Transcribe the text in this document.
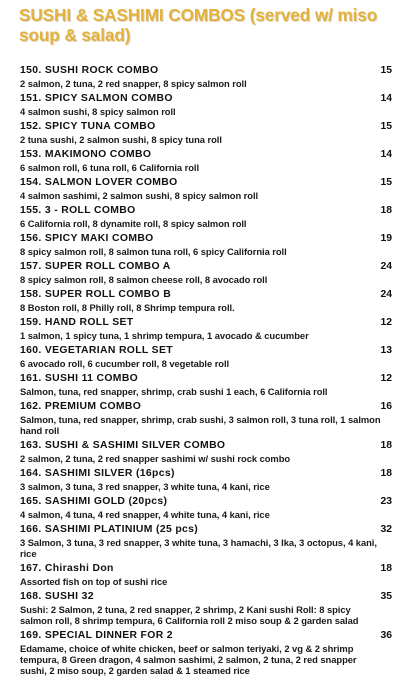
SUSHI & SASHIMI COMBOS (served w/ miso soup & salad)
150. SUSHI ROCK COMBO	15
2 salmon, 2 tuna, 2 red snapper, 8 spicy salmon roll
151. SPICY SALMON COMBO	14
4 salmon sushi, 8 spicy salmon roll
152. SPICY TUNA COMBO	15
2 tuna sushi, 2 salmon sushi, 8 spicy tuna roll
153. MAKIMONO COMBO	14
6 salmon roll, 6 tuna roll, 6 California roll
154. SALMON LOVER COMBO	15
4 salmon sashimi, 2 salmon sushi, 8 spicy salmon roll
155. 3 - ROLL COMBO	18
6 California roll, 8 dynamite roll, 8 spicy salmon roll
156. SPICY MAKI COMBO	19
8 spicy salmon roll, 8 salmon tuna roll, 6 spicy California roll
157. SUPER ROLL COMBO A	24
8 spicy salmon roll, 8 salmon cheese roll, 8 avocado roll
158. SUPER ROLL COMBO B	24
8 Boston roll, 8 Philly roll, 8 Shrimp tempura roll.
159. HAND ROLL SET	12
1 salmon, 1 spicy tuna, 1 shrimp tempura, 1 avocado & cucumber
160. VEGETARIAN ROLL SET	13
6 avocado roll, 6 cucumber roll, 8 vegetable roll
161. SUSHI 11 COMBO	12
Salmon, tuna, red snapper, shrimp, crab sushi 1 each, 6 California roll
162. PREMIUM COMBO	16
Salmon, tuna, red snapper, shrimp, crab sushi, 3 salmon roll, 3 tuna roll, 1 salmon hand roll
163. SUSHI & SASHIMI SILVER COMBO	18
2 salmon, 2 tuna, 2 red snapper sashimi w/ sushi rock combo
164. SASHIMI SILVER (16pcs)	18
3 salmon, 3 tuna, 3 red snapper, 3 white tuna, 4 kani, rice
165. SASHIMI GOLD (20pcs)	23
4 salmon, 4 tuna, 4 red snapper, 4 white tuna, 4 kani, rice
166. SASHIMI PLATINIUM (25 pcs)	32
3 Salmon, 3 tuna, 3 red snapper, 3 white tuna, 3 hamachi, 3 Ika, 3 octopus, 4 kani, rice
167. Chirashi Don	18
Assorted fish on top of sushi rice
168. SUSHI 32	35
Sushi: 2 Salmon, 2 tuna, 2 red snapper, 2 shrimp, 2 Kani sushi Roll: 8 spicy salmon roll, 8 shrimp tempura, 6 California roll 2 miso soup & 2 garden salad
169. SPECIAL DINNER FOR 2	36
Edamame, choice of white chicken, beef or salmon teriyaki, 2 vg & 2 shrimp tempura, 8 Green dragon, 4 salmon sashimi, 2 salmon, 2 tuna, 2 red snapper sushi, 2 miso soup, 2 garden salad & 1 steamed rice
